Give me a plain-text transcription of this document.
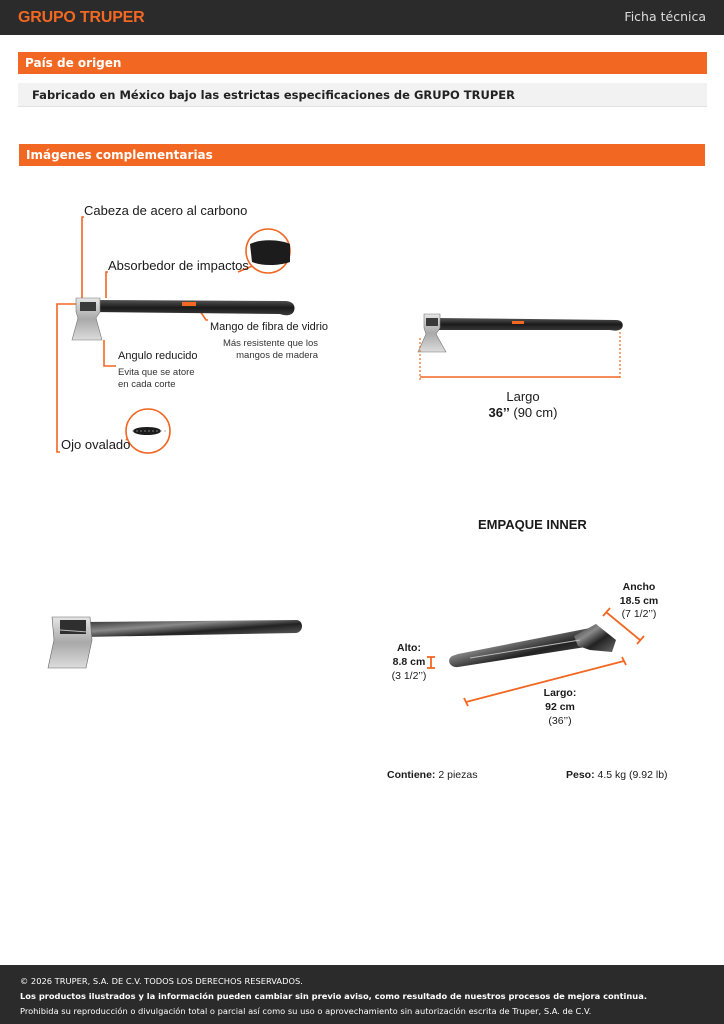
GRUPO TRUPER	Ficha técnica
País de origen
Fabricado en México bajo las estrictas especificaciones de GRUPO TRUPER
Imágenes complementarias
Cabeza de acero al carbono
Absorbedor de impactos
Mango de fibra de vidrio
Más resistente que los
mangos de madera
Angulo reducido
Evita que se atore
en cada corte
Ojo ovalado
Largo
36’’ (90 cm)
EMPAQUE INNER
Ancho
18.5 cm
(7 1/2’’)
Alto:
8.8 cm
(3 1/2’’)
Largo:
92 cm
(36’’)
Contiene: 2 piezas	Peso: 4.5 kg (9.92 lb)
© 2026 TRUPER, S.A. DE C.V. TODOS LOS DERECHOS RESERVADOS.
Los productos ilustrados y la información pueden cambiar sin previo aviso, como resultado de nuestros procesos de mejora continua.
Prohibida su reproducción o divulgación total o parcial así como su uso o aprovechamiento sin autorización escrita de Truper, S.A. de C.V.
